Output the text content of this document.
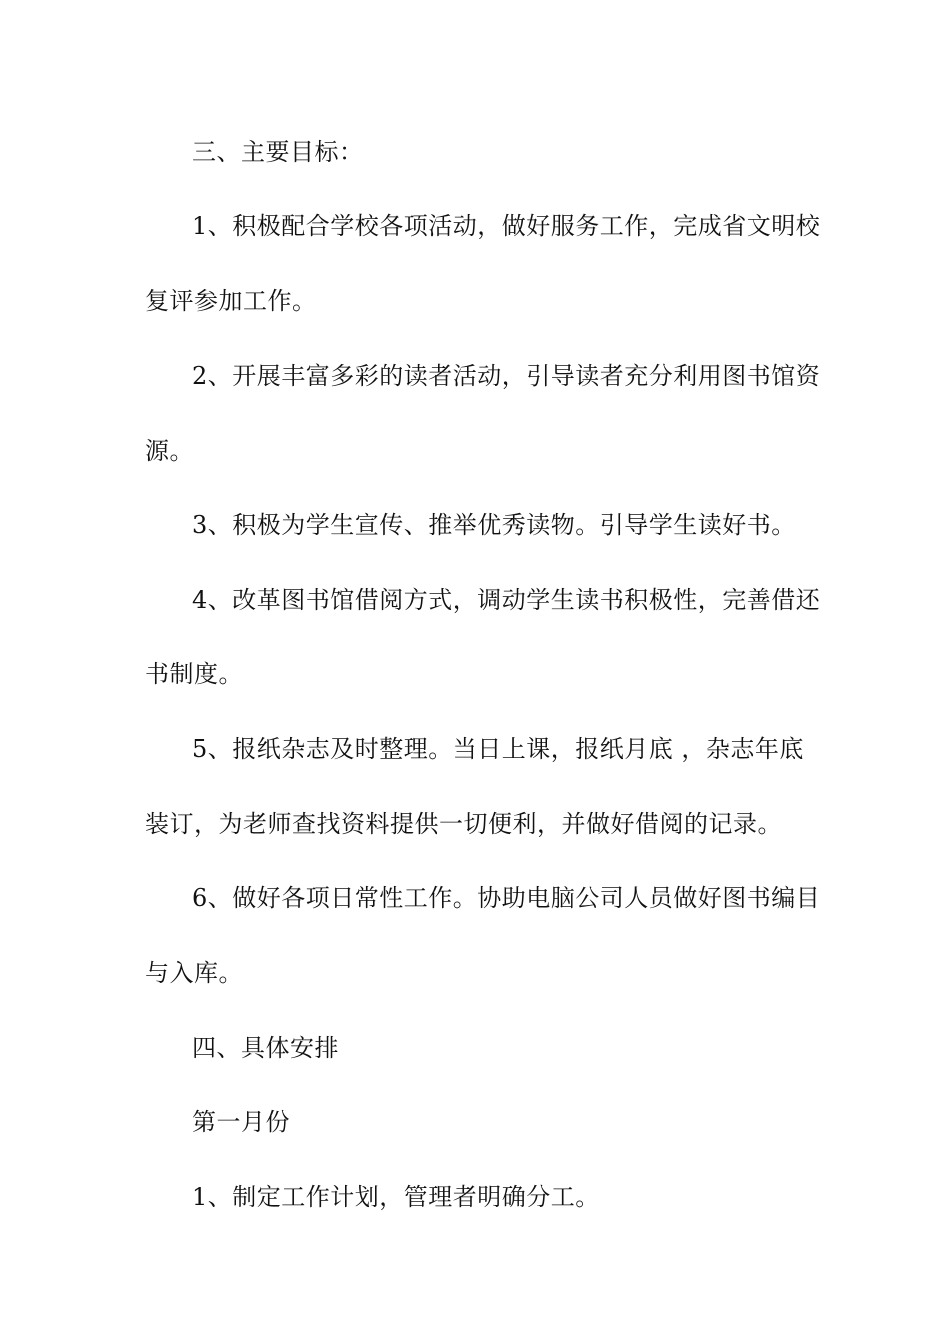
三、主要目标：
1、积极配合学校各项活动，做好服务工作，完成省文明校
复评参加工作。
2、开展丰富多彩的读者活动，引导读者充分利用图书馆资
源。
3、积极为学生宣传、推举优秀读物。引导学生读好书。
4、改革图书馆借阅方式，调动学生读书积极性，完善借还
书制度。
5、报纸杂志及时整理。当日上课，报纸月底 ，杂志年底
装订，为老师查找资料提供一切便利，并做好借阅的记录。
6、做好各项日常性工作。协助电脑公司人员做好图书编目
与入库。
四、具体安排
第一月份
1、制定工作计划，管理者明确分工。
